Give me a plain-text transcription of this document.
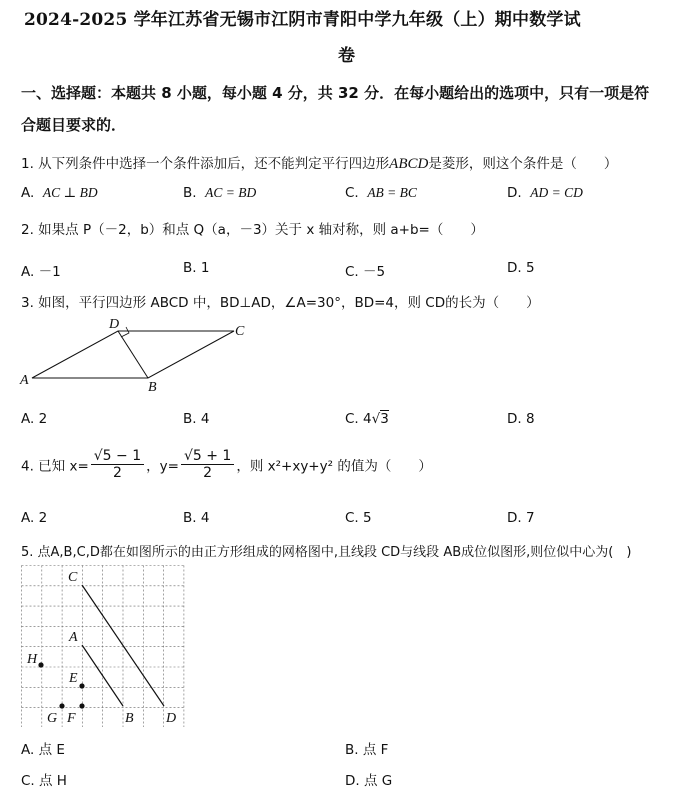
2024-2025 学年江苏省无锡市江阴市青阳中学九年级（上）期中数学试
卷
一、选择题：本题共 8 小题，每小题 4 分，共 32 分．在每小题给出的选项中，只有一项是符
合题目要求的．
1. 从下列条件中选择一个条件添加后，还不能判定平行四边形ABCD是菱形，则这个条件是（　　）
A. AC ⊥ BD	B. AC = BD	C. AB = BC	D. AD = CD
2. 如果点 P（－2，b）和点 Q（a，－3）关于 x 轴对称，则 a+b=（　　）
A. －1	B. 1	C. －5	D. 5
3. 如图，平行四边形 ABCD 中，BD⊥AD，∠A=30°，BD=4，则 CD的长为（　　）
A
D	C
B
A. 2	B. 4	C. 4√3	D. 8
4. 已知 $x= \frac{√5 - 1}{2}$ ，$y= \frac{√5 + 1}{2}$ ，则 x²+xy+y² 的值为（　　）
A. 2	B. 4	C. 5	D. 7
5. 点A,B,C,D都在如图所示的由正方形组成的网格图中,且线段 CD与线段 AB成位似图形,则位似中心为(　)
C
A
H
E
G F	B D
A. 点 E	B. 点 F
C. 点 H	D. 点 G
